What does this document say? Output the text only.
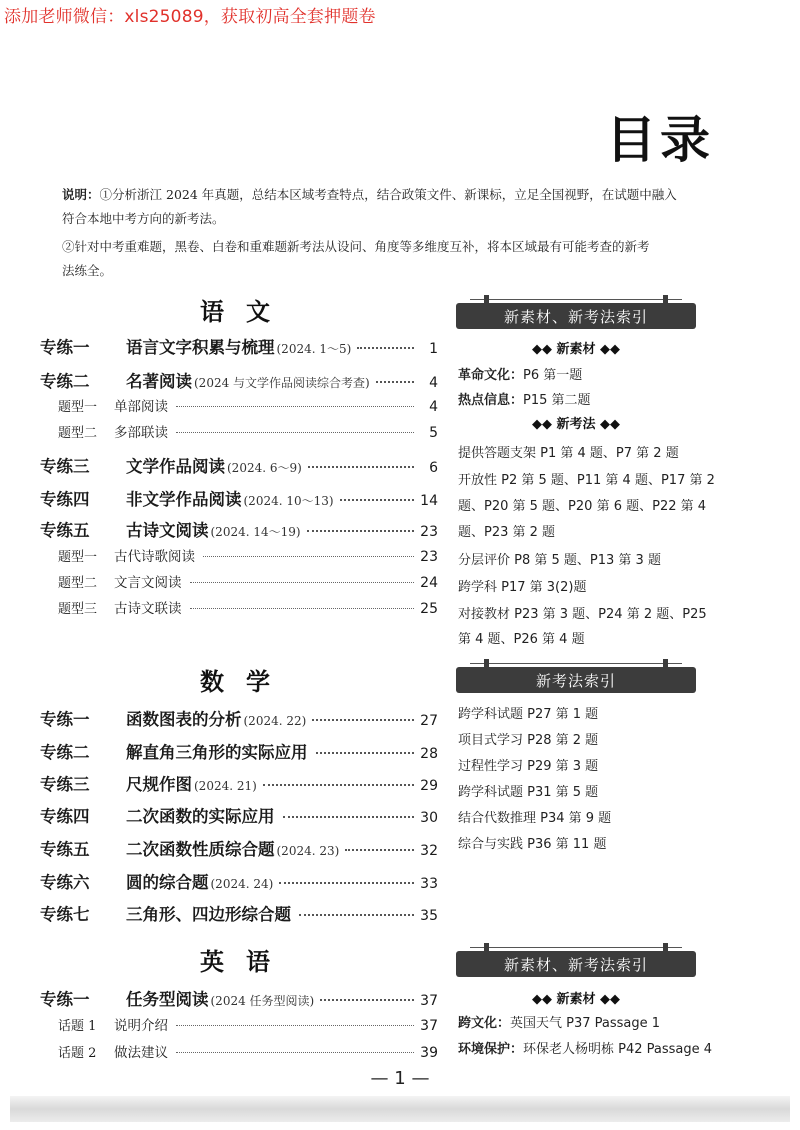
添加老师微信：xls25089，获取初高全套押题卷
目录
说明：①分析浙江 2024 年真题，总结本区域考查特点，结合政策文件、新课标，立足全国视野，在试题中融入
符合本地中考方向的新考法。
②针对中考重难题，黑卷、白卷和重难题新考法从设问、角度等多维度互补，将本区域最有可能考查的新考
法练全。
语文
专练一	语言文字积累与梳理 (2024. 1～5)	1
专练二	名著阅读 (2024 与文学作品阅读综合考查)	4
题型一	单部阅读	4
题型二	多部联读	5
专练三	文学作品阅读 (2024. 6～9)	6
专练四	非文学作品阅读 (2024. 10～13)	14
专练五	古诗文阅读 (2024. 14～19)	23
题型一	古代诗歌阅读	23
题型二	文言文阅读	24
题型三	古诗文联读	25
数学
专练一	函数图表的分析 (2024. 22)	27
专练二	解直角三角形的实际应用	28
专练三	尺规作图 (2024. 21)	29
专练四	二次函数的实际应用	30
专练五	二次函数性质综合题 (2024. 23)	32
专练六	圆的综合题 (2024. 24)	33
专练七	三角形、四边形综合题	35
英语
专练一	任务型阅读 (2024 任务型阅读)	37
话题 1	说明介绍	37
话题 2	做法建议	39
新素材、新考法索引
◆◆ 新素材 ◆◆
革命文化：P6 第一题
热点信息：P15 第二题
◆◆ 新考法 ◆◆
提供答题支架 P1 第 4 题、P7 第 2 题
开放性 P2 第 5 题、P11 第 4 题、P17 第 2
题、P20 第 5 题、P20 第 6 题、P22 第 4
题、P23 第 2 题
分层评价 P8 第 5 题、P13 第 3 题
跨学科 P17 第 3(2)题
对接教材 P23 第 3 题、P24 第 2 题、P25
第 4 题、P26 第 4 题
新考法索引
跨学科试题 P27 第 1 题
项目式学习 P28 第 2 题
过程性学习 P29 第 3 题
跨学科试题 P31 第 5 题
结合代数推理 P34 第 9 题
综合与实践 P36 第 11 题
新素材、新考法索引
◆◆ 新素材 ◆◆
跨文化：英国天气 P37 Passage 1
环境保护：环保老人杨明栋 P42 Passage 4
— 1 —
